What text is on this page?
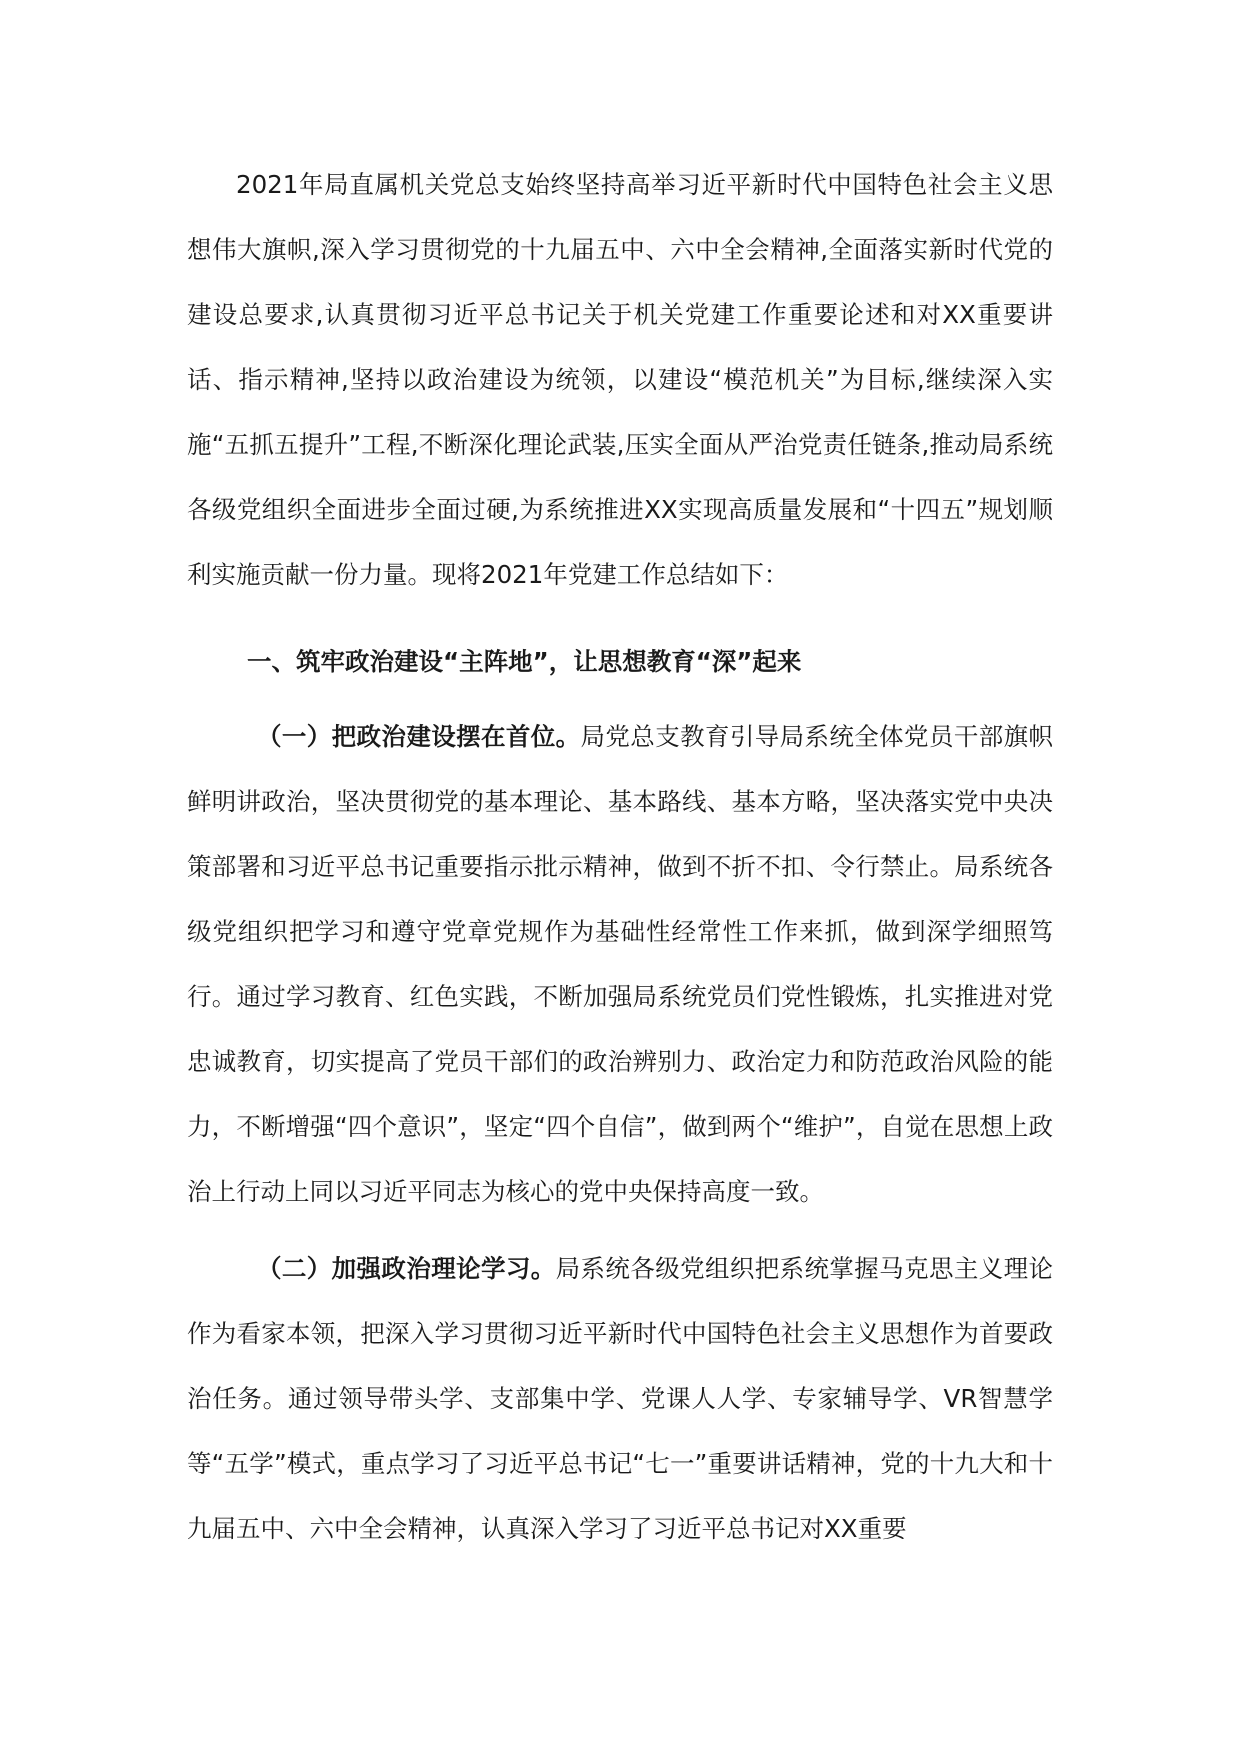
2021年局直属机关党总支始终坚持高举习近平新时代中国特色社会主义思想伟大旗帜,深入学习贯彻党的十九届五中、六中全会精神,全面落实新时代党的建设总要求,认真贯彻习近平总书记关于机关党建工作重要论述和对XX重要讲话、指示精神,坚持以政治建设为统领，以建设“模范机关”为目标,继续深入实施“五抓五提升”工程,不断深化理论武装,压实全面从严治党责任链条,推动局系统各级党组织全面进步全面过硬,为系统推进XX实现高质量发展和“十四五”规划顺利实施贡献一份力量。现将2021年党建工作总结如下：

一、筑牢政治建设“主阵地”，让思想教育“深”起来

（一）把政治建设摆在首位。局党总支教育引导局系统全体党员干部旗帜鲜明讲政治，坚决贯彻党的基本理论、基本路线、基本方略，坚决落实党中央决策部署和习近平总书记重要指示批示精神，做到不折不扣、令行禁止。局系统各级党组织把学习和遵守党章党规作为基础性经常性工作来抓，做到深学细照笃行。通过学习教育、红色实践，不断加强局系统党员们党性锻炼，扎实推进对党忠诚教育，切实提高了党员干部们的政治辨别力、政治定力和防范政治风险的能力，不断增强“四个意识”，坚定“四个自信”，做到两个“维护”，自觉在思想上政治上行动上同以习近平同志为核心的党中央保持高度一致。

（二）加强政治理论学习。局系统各级党组织把系统掌握马克思主义理论作为看家本领，把深入学习贯彻习近平新时代中国特色社会主义思想作为首要政治任务。通过领导带头学、支部集中学、党课人人学、专家辅导学、VR智慧学等“五学”模式，重点学习了习近平总书记“七一”重要讲话精神，党的十九大和十九届五中、六中全会精神，认真深入学习了习近平总书记对XX重要
